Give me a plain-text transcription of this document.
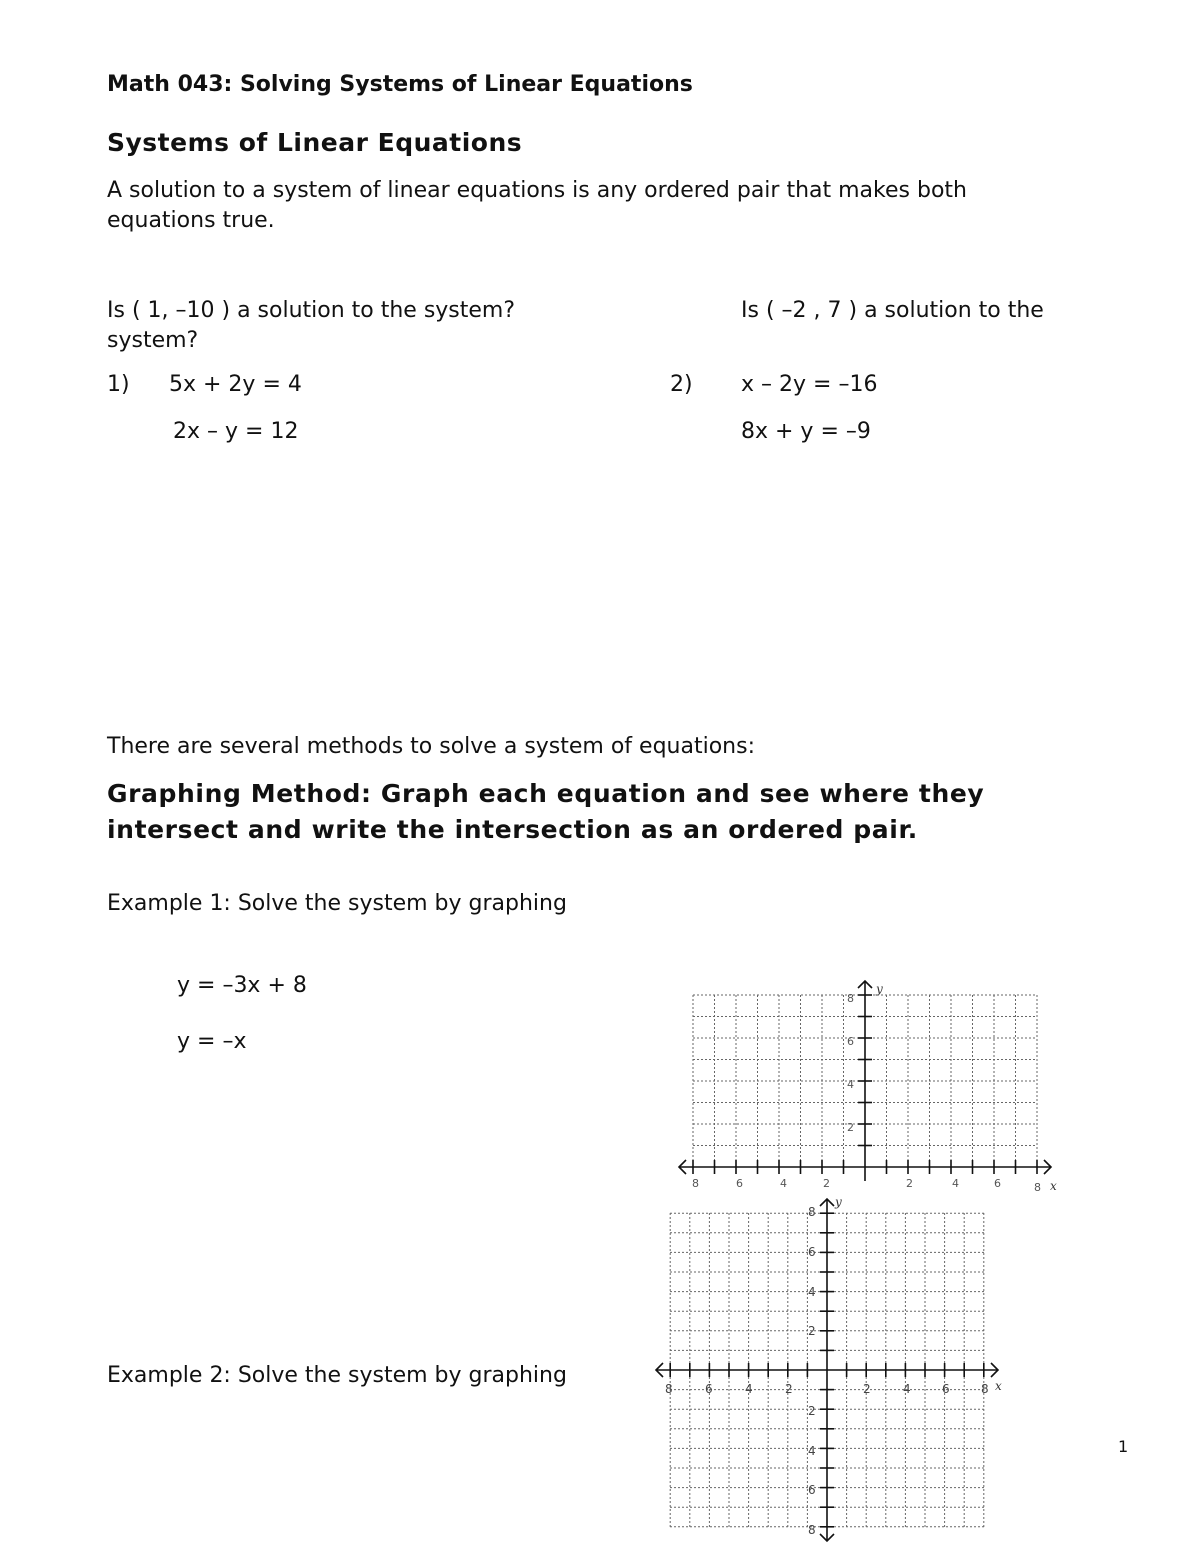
Math 043: Solving Systems of Linear Equations
Systems of Linear Equations
A solution to a system of linear equations is any ordered pair that makes both
equations true.
Is ( 1, –10 ) a solution to the system?	Is ( –2 , 7 ) a solution to the
system?
1) 5x + 2y = 4
2x – y = 12
2) x – 2y = –16
8x + y = –9
There are several methods to solve a system of equations:
Graphing Method: Graph each equation and see where they
intersect and write the intersection as an ordered pair.
Example 1: Solve the system by graphing
y = –3x + 8
y = –x
Example 2: Solve the system by graphing
y
x
8
6
4
2
8	6	4	2	2	4	6	8
y
x
8	6	4	2	2	4	6	8
8
6
4
2
2
4
6
8
1
